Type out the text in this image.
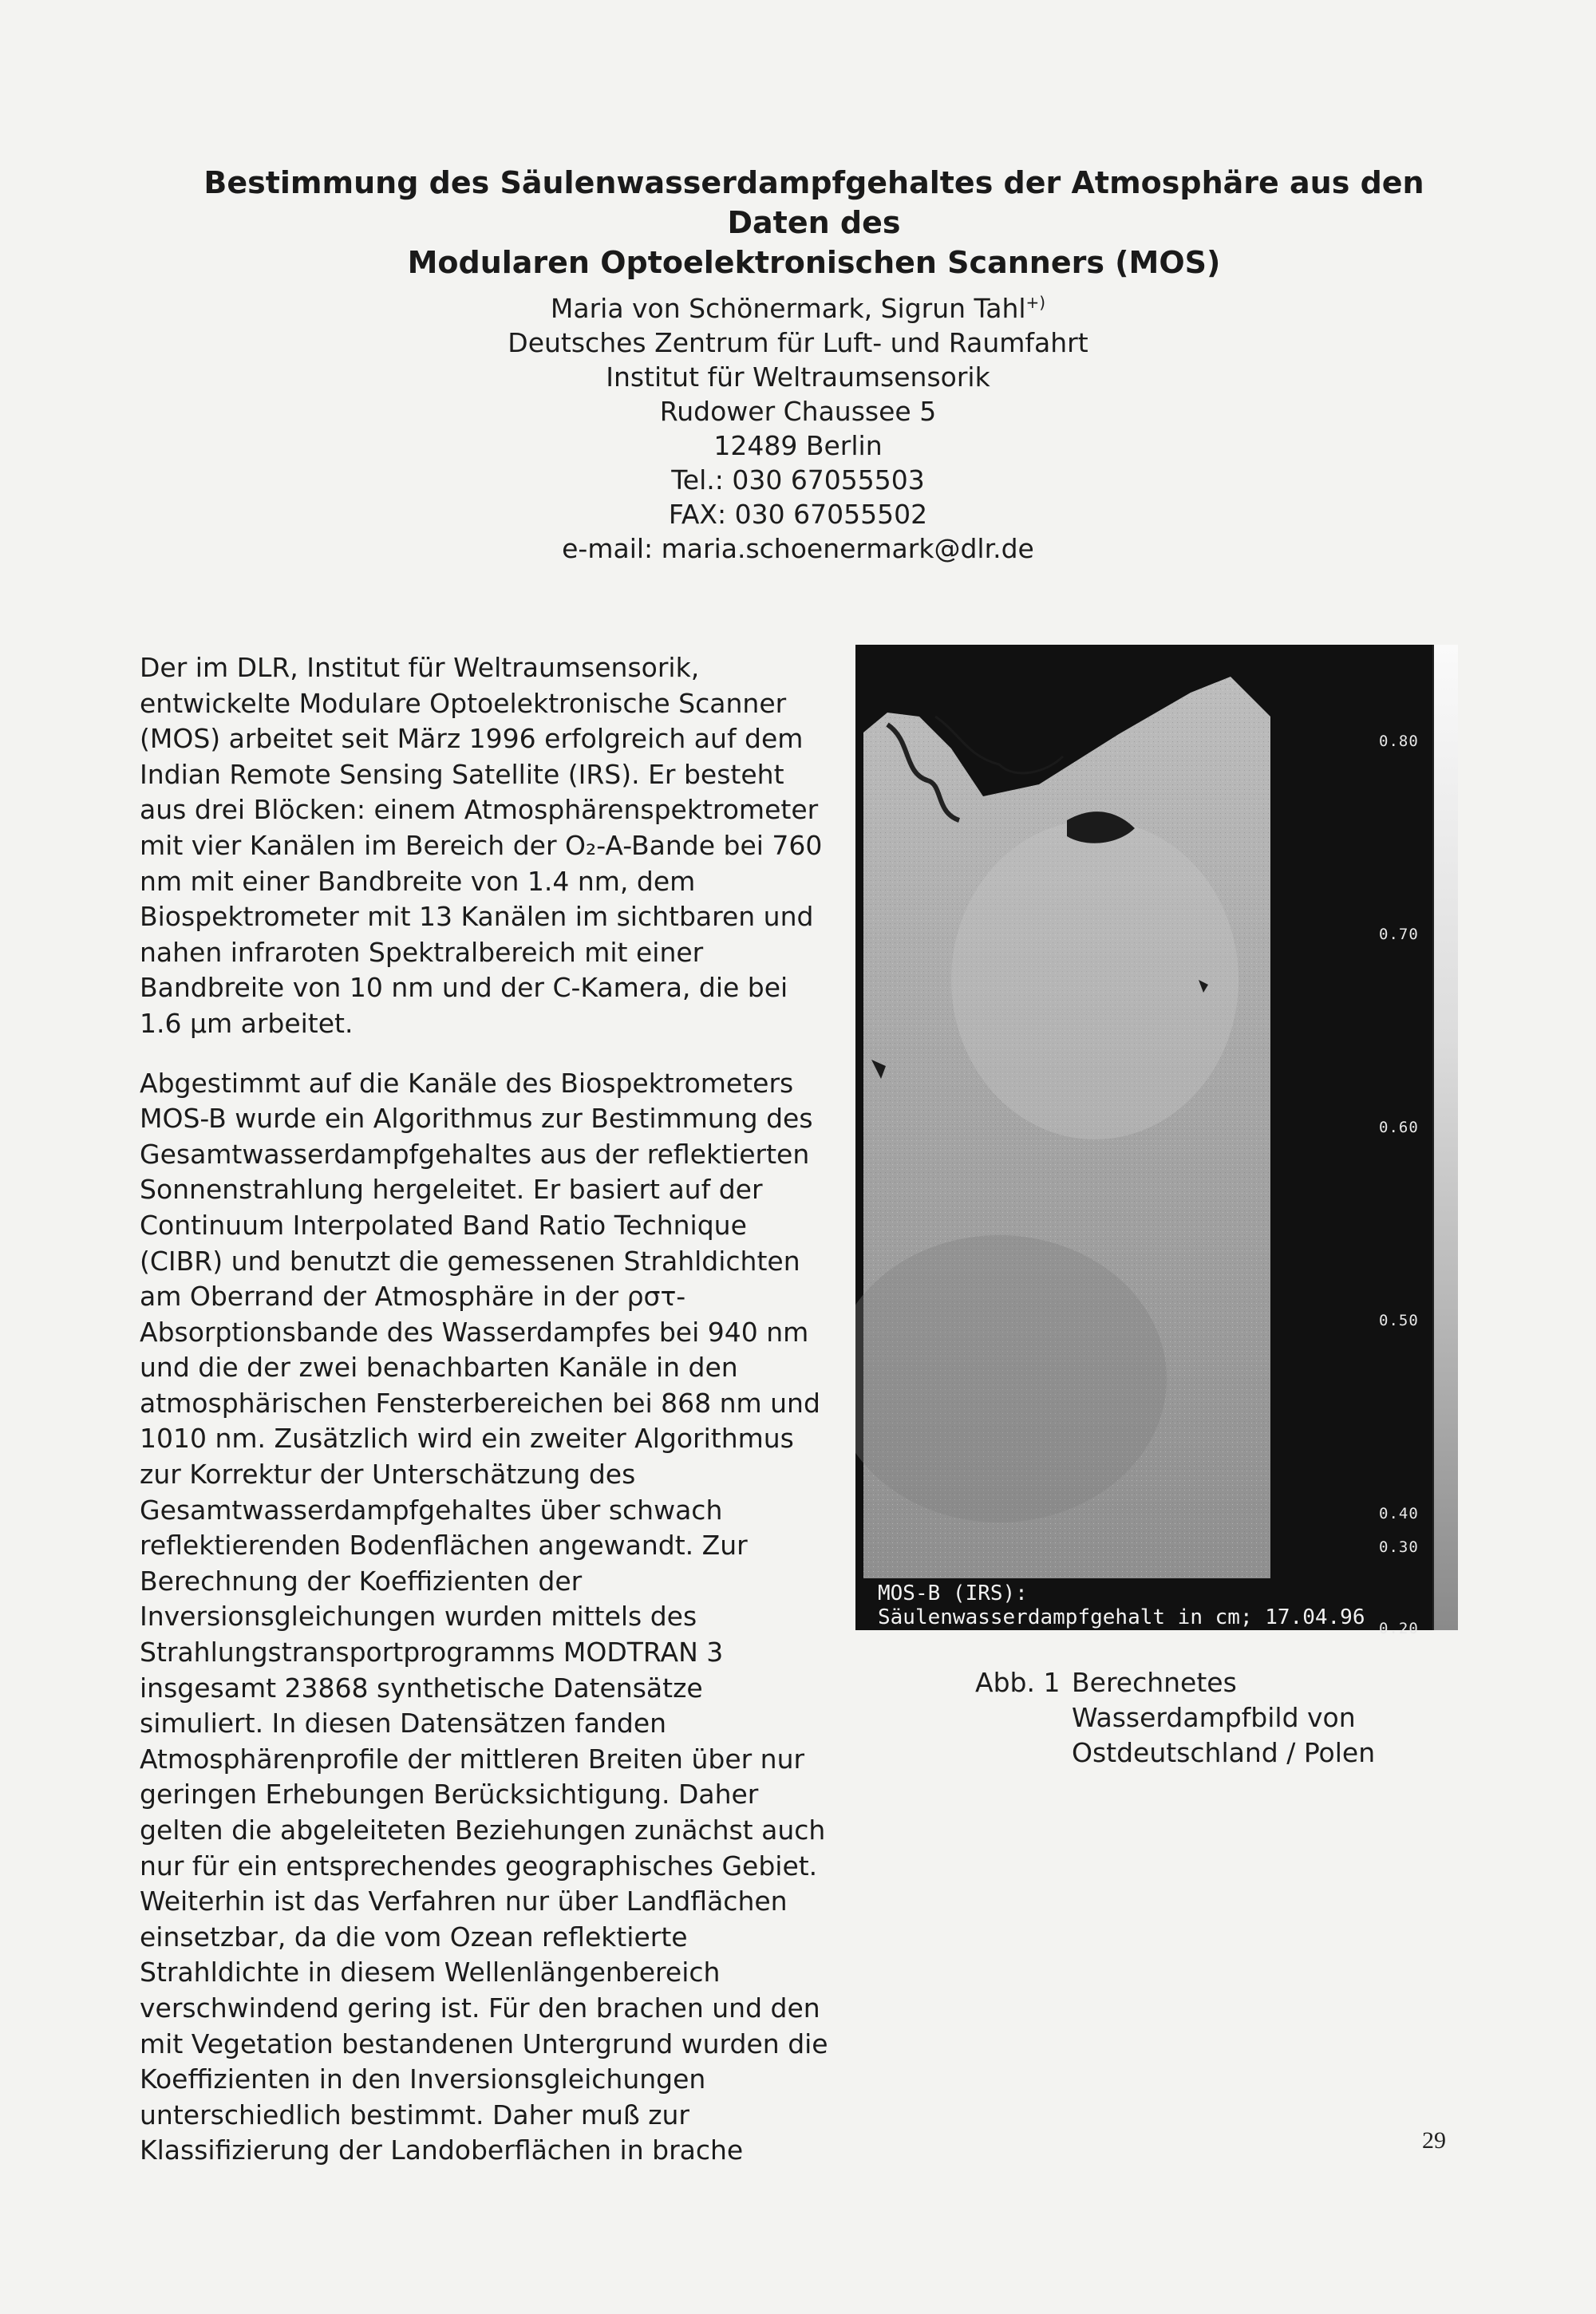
Bestimmung des Säulenwasserdampfgehaltes der Atmosphäre aus den Daten des
Modularen Optoelektronischen Scanners (MOS)
Maria von Schönermark, Sigrun Tahl+)
Deutsches Zentrum für Luft- und Raumfahrt
Institut für Weltraumsensorik
Rudower Chaussee 5
12489 Berlin
Tel.: 030 67055503
FAX: 030 67055502
e-mail: maria.schoenermark@dlr.de

Der im DLR, Institut für Weltraumsensorik, entwickelte Modulare Optoelektronische Scanner (MOS) arbeitet seit März 1996 erfolgreich auf dem Indian Remote Sensing Satellite (IRS). Er besteht aus drei Blöcken: einem Atmosphärenspektrometer mit vier Kanälen im Bereich der O₂-A-Bande bei 760 nm mit einer Bandbreite von 1.4 nm, dem Biospektrometer mit 13 Kanälen im sichtbaren und nahen infraroten Spektralbereich mit einer Bandbreite von 10 nm und der C-Kamera, die bei 1.6 µm arbeitet.

Abgestimmt auf die Kanäle des Biospektrometers MOS-B wurde ein Algorithmus zur Bestimmung des Gesamtwasserdampfgehaltes aus der reflektierten Sonnenstrahlung hergeleitet. Er basiert auf der Continuum Interpolated Band Ratio Technique (CIBR) und benutzt die gemessenen Strahldichten am Oberrand der Atmosphäre in der ρστ- Absorptionsbande des Wasserdampfes bei 940 nm und die der zwei benachbarten Kanäle in den atmosphärischen Fensterbereichen bei 868 nm und 1010 nm. Zusätzlich wird ein zweiter Algorithmus zur Korrektur der Unterschätzung des Gesamtwasserdampfgehaltes über schwach reflektierenden Bodenflächen angewandt. Zur Berechnung der Koeffizienten der Inversionsgleichungen wurden mittels des Strahlungstransportprogramms MODTRAN 3 insgesamt 23868 synthetische Datensätze simuliert. In diesen Datensätzen fanden Atmosphärenprofile der mittleren Breiten über nur geringen Erhebungen Berücksichtigung. Daher gelten die abgeleiteten Beziehungen zunächst auch nur für ein entsprechendes geographisches Gebiet. Weiterhin ist das Verfahren nur über Landflächen einsetzbar, da die vom Ozean reflektierte Strahldichte in diesem Wellenlängenbereich verschwindend gering ist. Für den brachen und den mit Vegetation bestandenen Untergrund wurden die Koeffizienten in den Inversionsgleichungen unterschiedlich bestimmt. Daher muß zur Klassifizierung der Landoberflächen in brache

0.80
0.70
0.60
0.50
0.40
MOS-B (IRS):
Säulenwasserdampfgehalt in cm; 17.04.96
0.30
0.20
Abb. 1 Berechnetes Wasserdampfbild von Ostdeutschland / Polen
29
